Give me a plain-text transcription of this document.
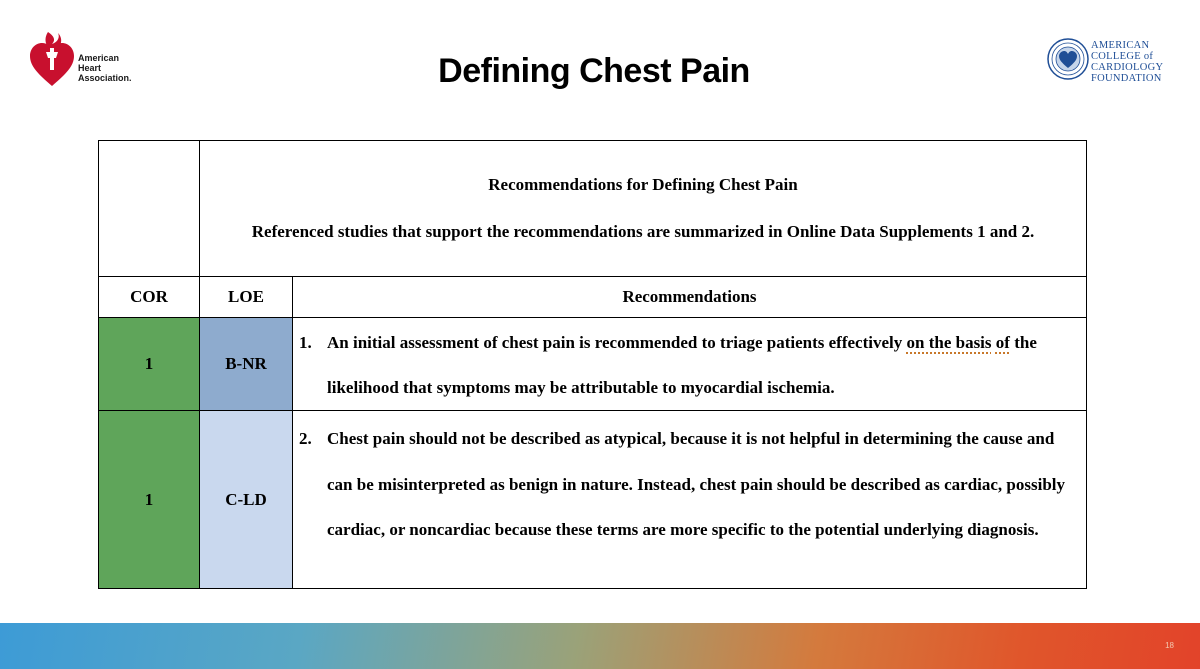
American
Heart
Association.	Defining Chest Pain
AMERICAN
COLLEGE of
CARDIOLOGY
FOUNDATION

	Recommendations for Defining Chest Pain

Referenced studies that support the recommendations are summarized in Online Data Supplements 1 and 2.	

COR	LOE	Recommendations
1	B-NR	1. An initial assessment of chest pain is recommended to triage patients effectively on the basis of the likelihood that symptoms may be attributable to myocardial ischemia.

1	C-LD	2. Chest pain should not be described as atypical, because it is not helpful in determining the cause and can be misinterpreted as benign in nature. Instead, chest pain should be described as cardiac, possibly cardiac, or noncardiac because these terms are more specific to the potential underlying diagnosis.
18
